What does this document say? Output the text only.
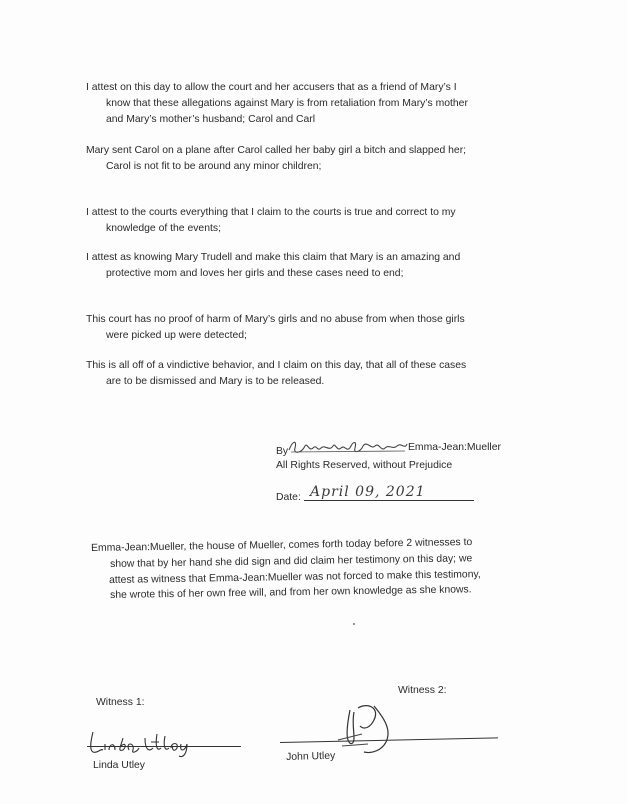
I attest on this day to allow the court and her accusers that as a friend of Mary’s I
know that these allegations against Mary is from retaliation from Mary’s mother
and Mary’s mother’s husband; Carol and Carl
Mary sent Carol on a plane after Carol called her baby girl a bitch and slapped her;
Carol is not fit to be around any minor children;
I attest to the courts everything that I claim to the courts is true and correct to my
knowledge of the events;
I attest as knowing Mary Trudell and make this claim that Mary is an amazing and
protective mom and loves her girls and these cases need to end;
This court has no proof of harm of Mary’s girls and no abuse from when those girls
were picked up were detected;
This is all off of a vindictive behavior, and I claim on this day, that all of these cases
are to be dismissed and Mary is to be released.
By	Emma-Jean:Mueller
All Rights Reserved, without Prejudice
Date: April 09, 2021
Emma-Jean:Mueller, the house of Mueller, comes forth today before 2 witnesses to
show that by her hand she did sign and did claim her testimony on this day; we
attest as witness that Emma-Jean:Mueller was not forced to make this testimony,
she wrote this of her own free will, and from her own knowledge as she knows.
Witness 1:
Linda Utley
Witness 2:
John Utley
